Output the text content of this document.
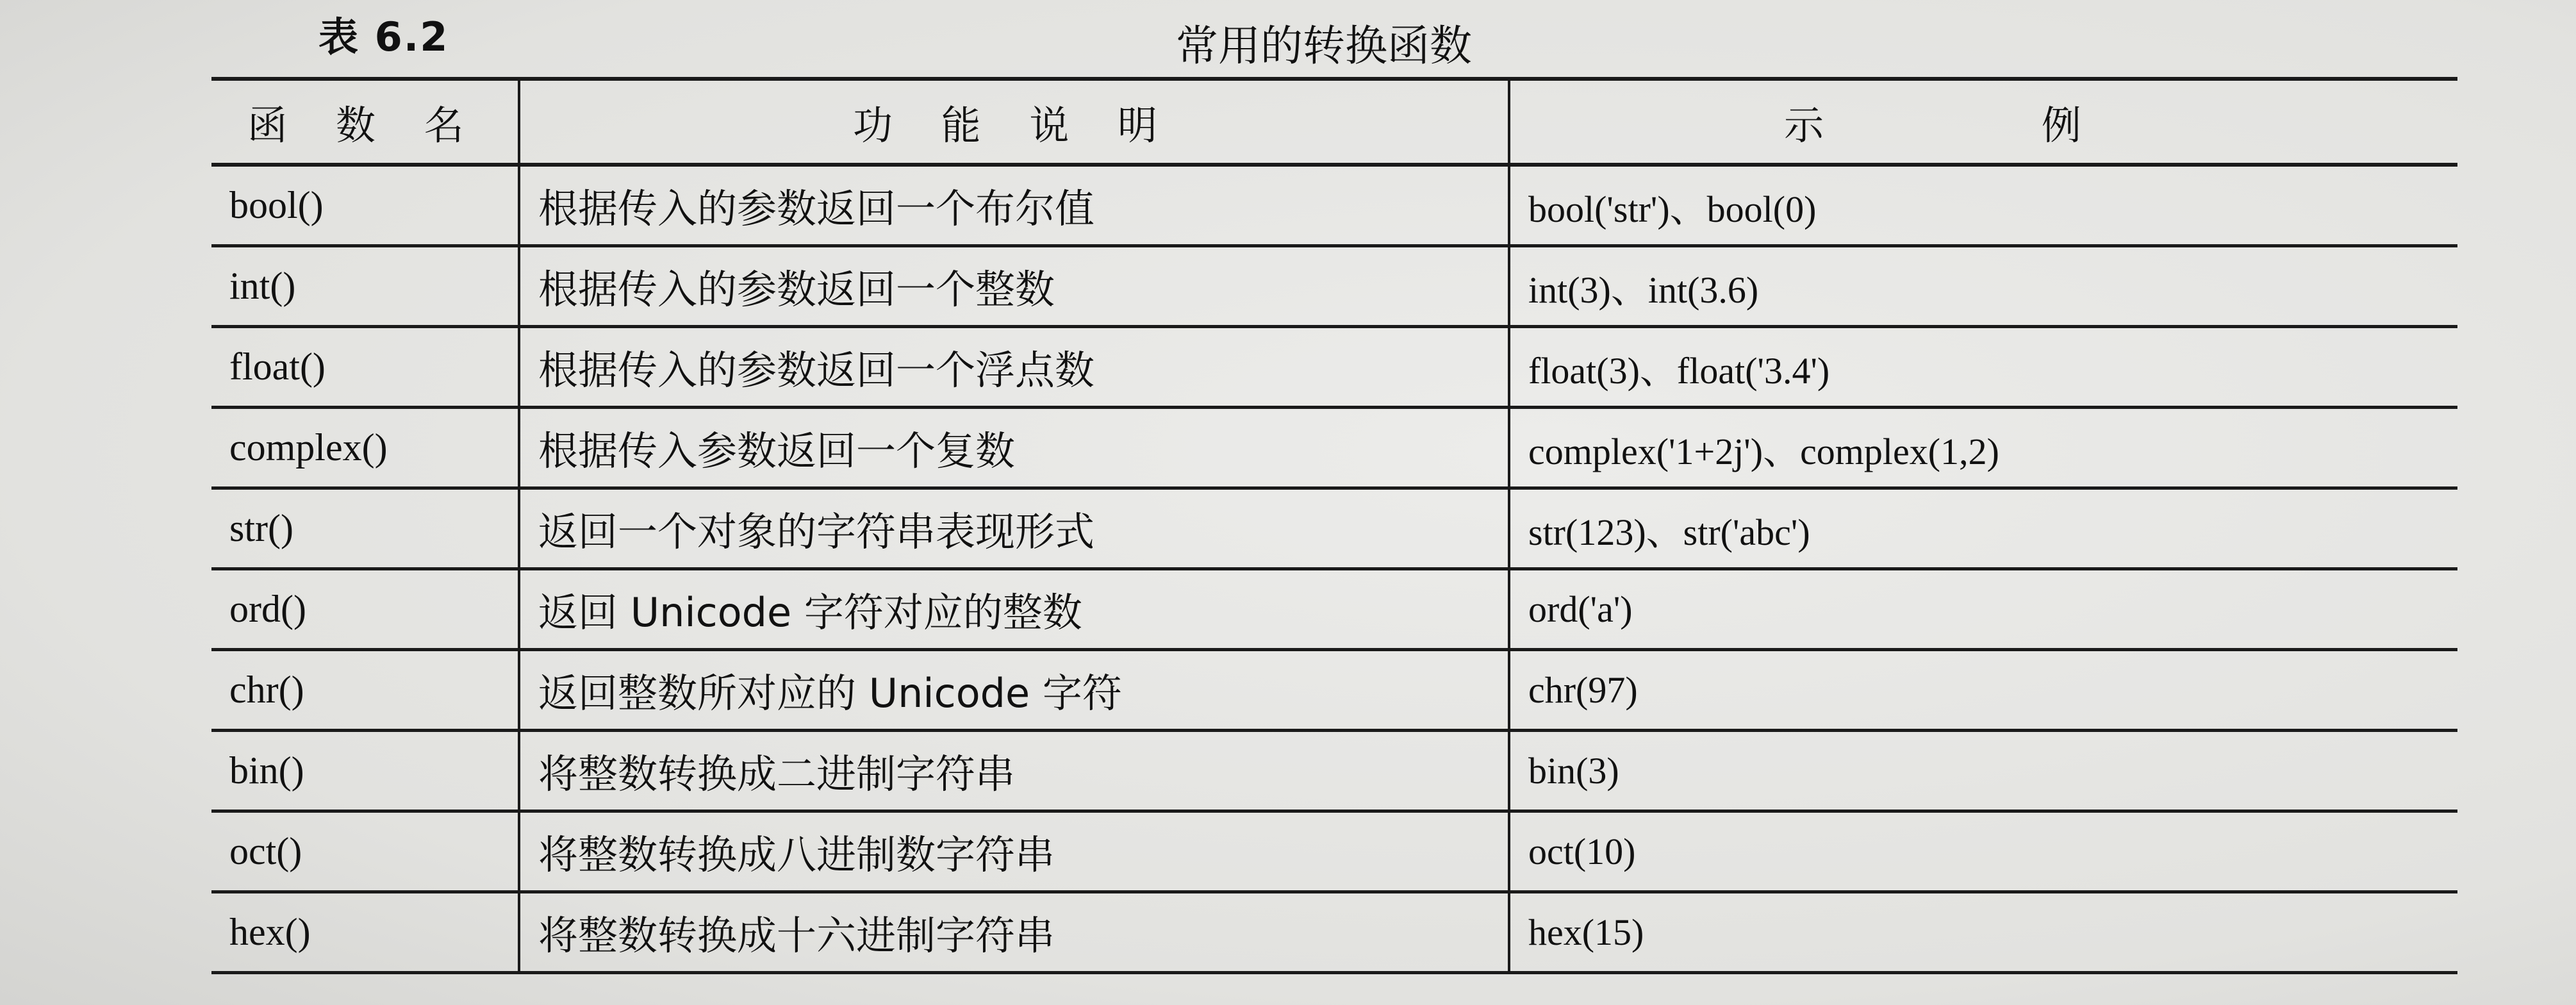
表 6.2	常用的转换函数
函 数 名	功 能 说 明	示 例
bool()	根据传入的参数返回一个布尔值	bool('str')、bool(0)
int()	根据传入的参数返回一个整数	int(3)、int(3.6)
float()	根据传入的参数返回一个浮点数	float(3)、float('3.4')
complex()	根据传入参数返回一个复数	complex('1+2j')、complex(1,2)
str()	返回一个对象的字符串表现形式	str(123)、str('abc')
ord()	返回 Unicode 字符对应的整数	ord('a')
chr()	返回整数所对应的 Unicode 字符	chr(97)
bin()	将整数转换成二进制字符串	bin(3)
oct()	将整数转换成八进制数字符串	oct(10)
hex()	将整数转换成十六进制字符串	hex(15)
